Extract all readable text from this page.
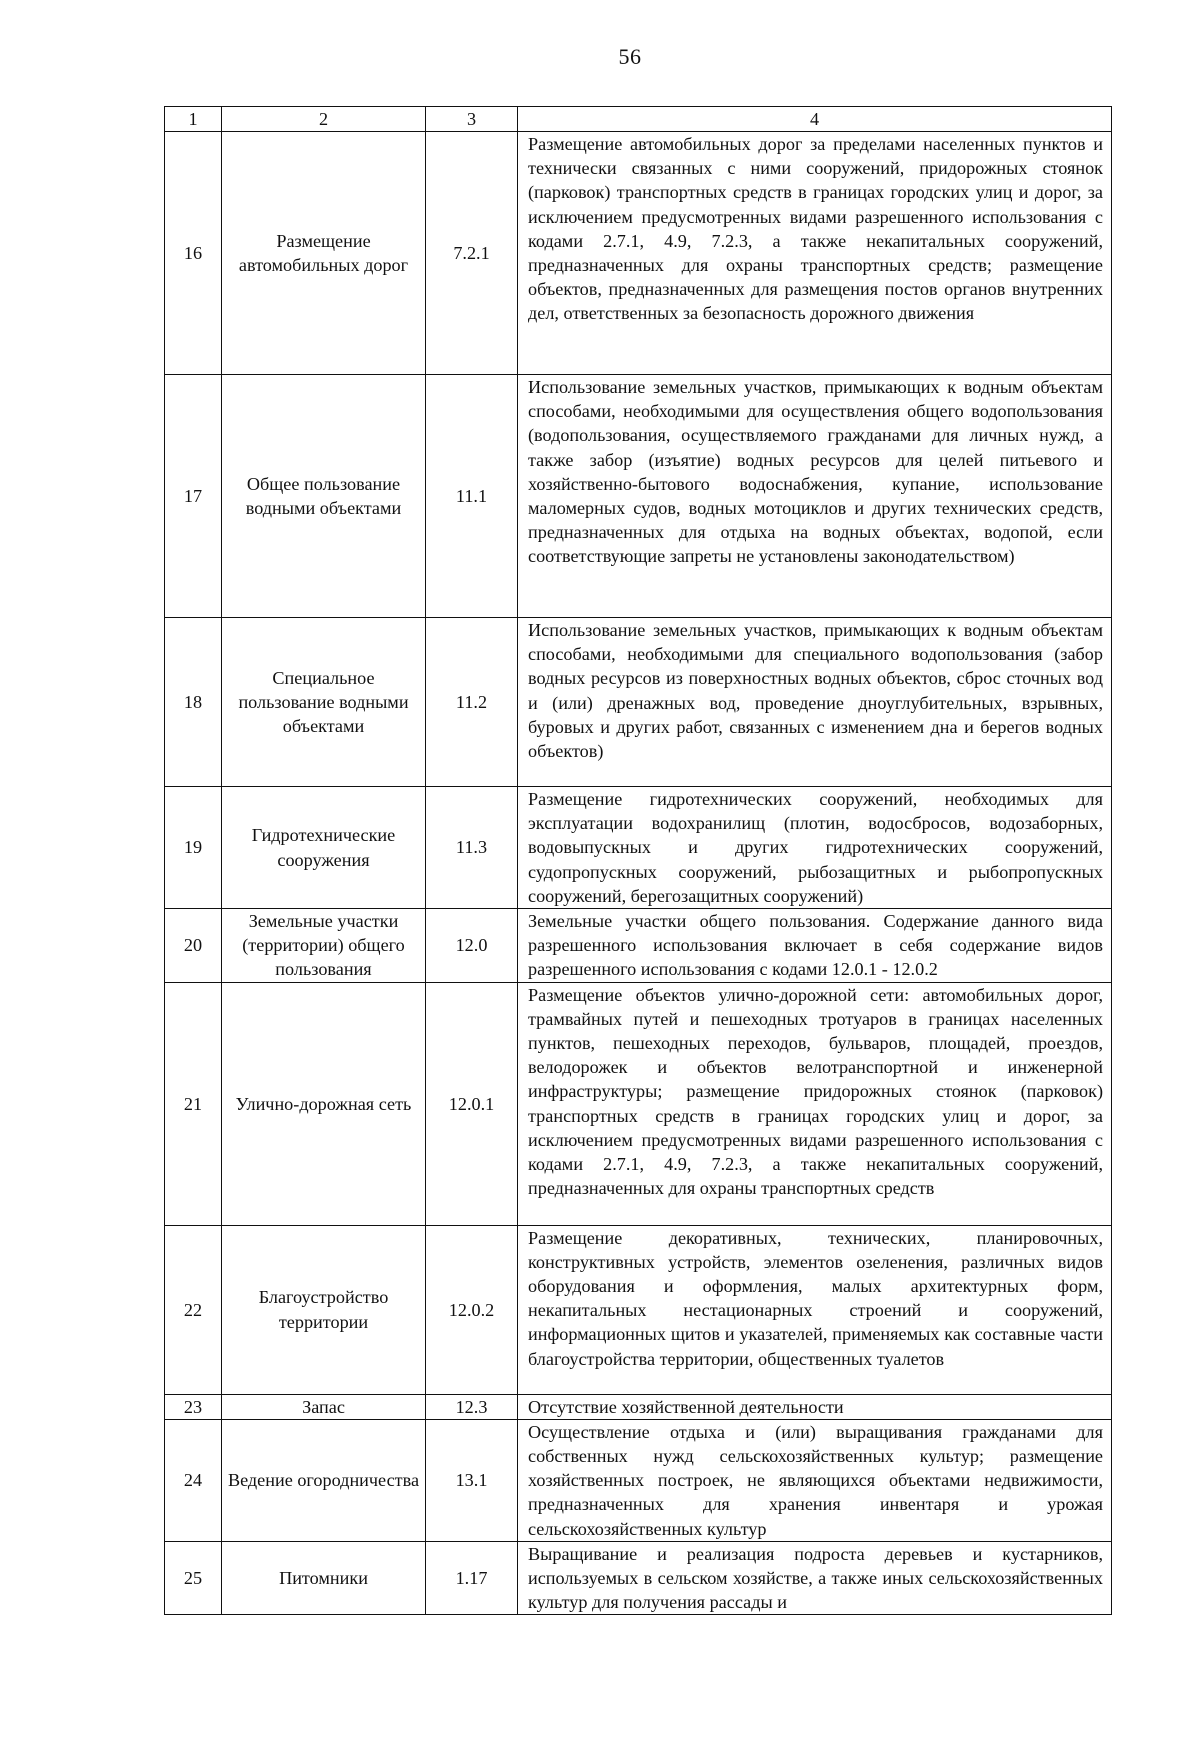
56
1	2	3	4
16	Размещение автомобильных дорог	7.2.1	Размещение автомобильных дорог за пределами населенных пунктов и технически связанных с ними сооружений, придорожных стоянок (парковок) транспортных средств в границах городских улиц и дорог, за исключением предусмотренных видами разрешенного использования с кодами 2.7.1, 4.9, 7.2.3, а также некапитальных сооружений, предназначенных для охраны транспортных средств; размещение объектов, предназначенных для размещения постов органов внутренних дел, ответственных за безопасность дорожного движения

17	Общее пользование водными объектами	11.1	Использование земельных участков, примыкающих к водным объектам способами, необходимыми для осуществления общего водопользования (водопользования, осуществляемого гражданами для личных нужд, а также забор (изъятие) водных ресурсов для целей питьевого и хозяйственно-бытового водоснабжения, купание, использование маломерных судов, водных мотоциклов и других технических средств, предназначенных для отдыха на водных объектах, водопой, если соответствующие запреты не установлены законодательством)

18	Специальное пользование водными объектами	11.2	Использование земельных участков, примыкающих к водным объектам способами, необходимыми для специального водопользования (забор водных ресурсов из поверхностных водных объектов, сброс сточных вод и (или) дренажных вод, проведение дноуглубительных, взрывных, буровых и других работ, связанных с изменением дна и берегов водных объектов)

19	Гидротехнические сооружения	11.3	Размещение гидротехнических сооружений, необходимых для эксплуатации водохранилищ (плотин, водосбросов, водозаборных, водовыпускных и других гидротехнических сооружений, судопропускных сооружений, рыбозащитных и рыбопропускных сооружений, берегозащитных сооружений)

20	Земельные участки (территории) общего пользования	12.0	Земельные участки общего пользования. Содержание данного вида разрешенного использования включает в себя содержание видов разрешенного использования с кодами 12.0.1 - 12.0.2

21	Улично-дорожная сеть	12.0.1	Размещение объектов улично-дорожной сети: автомобильных дорог, трамвайных путей и пешеходных тротуаров в границах населенных пунктов, пешеходных переходов, бульваров, площадей, проездов, велодорожек и объектов велотранспортной и инженерной инфраструктуры; размещение придорожных стоянок (парковок) транспортных средств в границах городских улиц и дорог, за исключением предусмотренных видами разрешенного использования с кодами 2.7.1, 4.9, 7.2.3, а также некапитальных сооружений, предназначенных для охраны транспортных средств

22	Благоустройство территории	12.0.2	Размещение декоративных, технических, планировочных, конструктивных устройств, элементов озеленения, различных видов оборудования и оформления, малых архитектурных форм, некапитальных нестационарных строений и сооружений, информационных щитов и указателей, применяемых как составные части благоустройства территории, общественных туалетов

23	Запас	12.3	Отсутствие хозяйственной деятельности

24	Ведение огородничества	13.1	Осуществление отдыха и (или) выращивания гражданами для собственных нужд сельскохозяйственных культур; размещение хозяйственных построек, не являющихся объектами недвижимости, предназначенных для хранения инвентаря и урожая сельскохозяйственных культур

25	Питомники	1.17	Выращивание и реализация подроста деревьев и кустарников, используемых в сельском хозяйстве, а также иных сельскохозяйственных культур для получения рассады и
